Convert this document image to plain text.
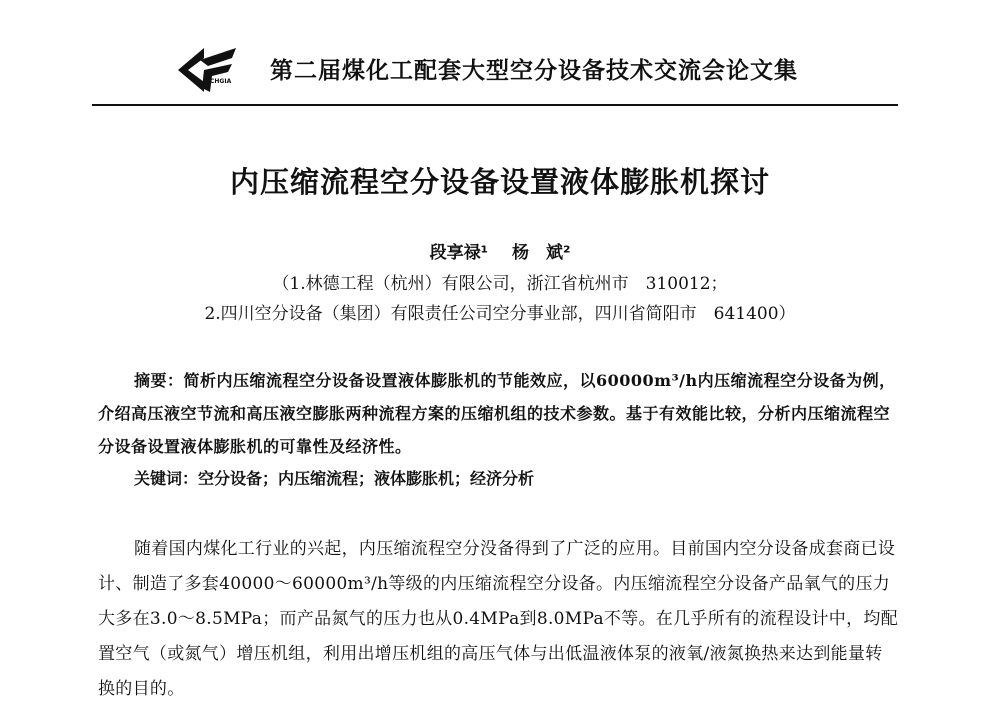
CHGIA 第二届煤化工配套大型空分设备技术交流会论文集
内压缩流程空分设备设置液体膨胀机探讨
段享禄¹ 杨　斌²
（1.林德工程（杭州）有限公司，浙江省杭州市　310012；
2.四川空分设备（集团）有限责任公司空分事业部，四川省简阳市　641400）
摘要：简析内压缩流程空分设备设置液体膨胀机的节能效应，以60000m³/h内压缩流程空分设备为例，介绍高压液空节流和高压液空膨胀两种流程方案的压缩机组的技术参数。基于有效能比较，分析内压缩流程空分设备设置液体膨胀机的可靠性及经济性。
关键词：空分设备；内压缩流程；液体膨胀机；经济分析
随着国内煤化工行业的兴起，内压缩流程空分没备得到了广泛的应用。目前国内空分设备成套商已设计、制造了多套40000～60000m³/h等级的内压缩流程空分设备。内压缩流程空分设备产品氧气的压力大多在3.0～8.5MPa；而产品氮气的压力也从0.4MPa到8.0MPa不等。在几乎所有的流程设计中，均配置空气（或氮气）增压机组，利用出增压机组的高压气体与出低温液体泵的液氧/液氮换热来达到能量转换的目的。
